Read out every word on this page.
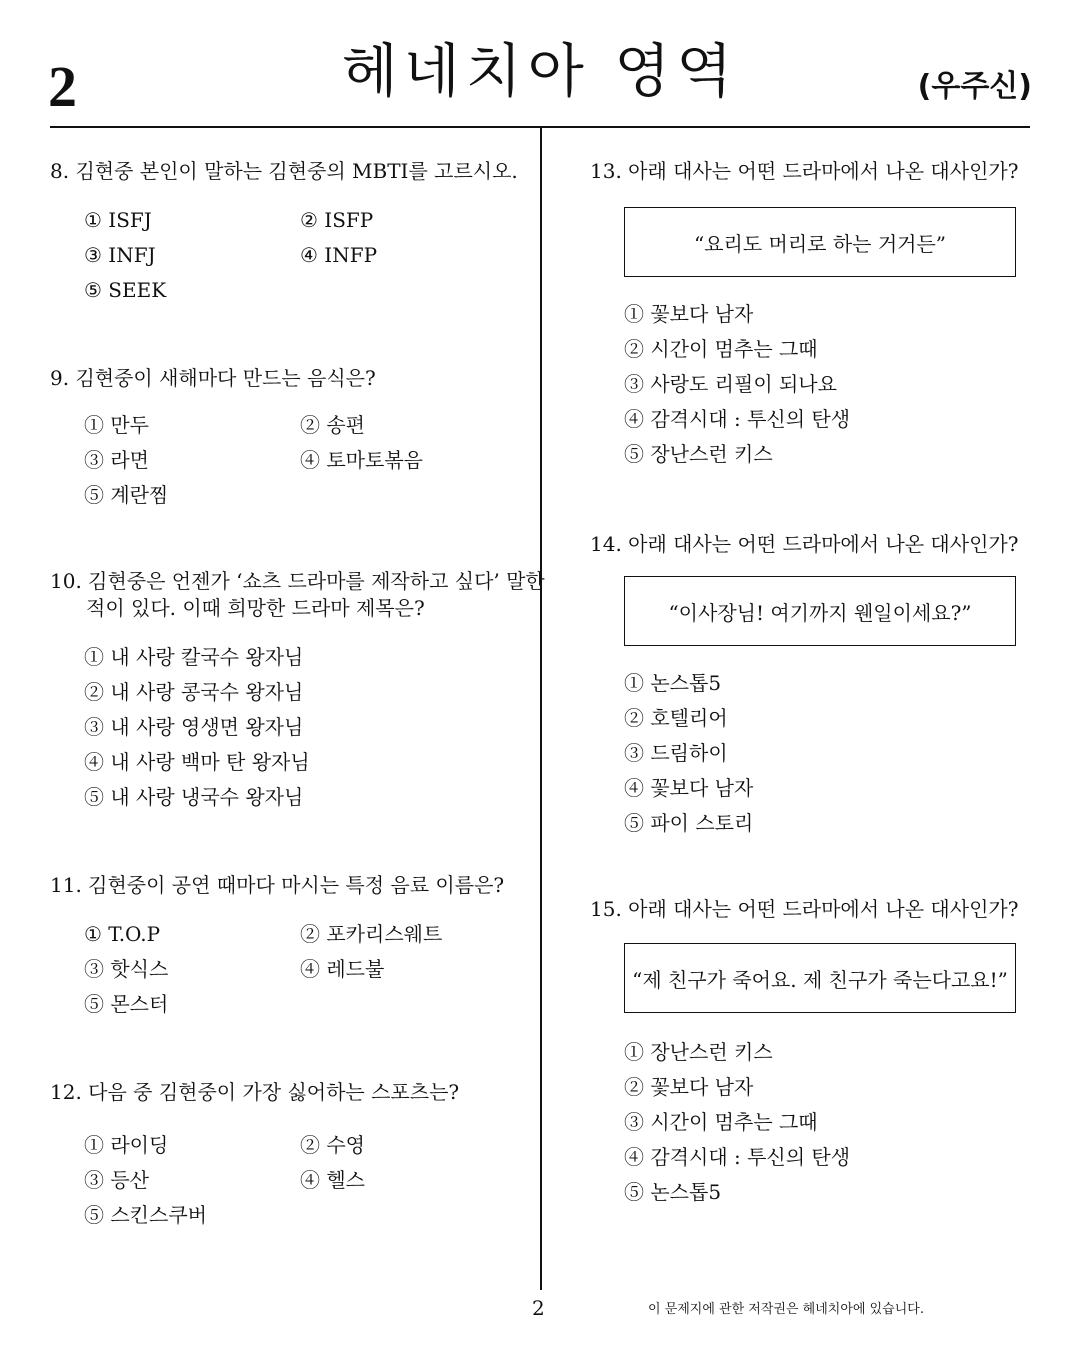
2	헤네치아 영역	(우주신)

8. 김현중 본인이 말하는 김현중의 MBTI를 고르시오.

① ISFJ	② ISFP
③ INFJ	④ INFP
⑤ SEEK

9. 김현중이 새해마다 만드는 음식은?

① 만두	② 송편
③ 라면	④ 토마토볶음
⑤ 계란찜

10. 김현중은 언젠가 ‘쇼츠 드라마를 제작하고 싶다’ 말한 적이 있다. 이때 희망한 드라마 제목은?

① 내 사랑 칼국수 왕자님
② 내 사랑 콩국수 왕자님
③ 내 사랑 영생면 왕자님
④ 내 사랑 백마 탄 왕자님
⑤ 내 사랑 냉국수 왕자님

11. 김현중이 공연 때마다 마시는 특정 음료 이름은?

① T.O.P	② 포카리스웨트
③ 핫식스	④ 레드불
⑤ 몬스터

12. 다음 중 김현중이 가장 싫어하는 스포츠는?

① 라이딩	② 수영
③ 등산	④ 헬스
⑤ 스킨스쿠버

13. 아래 대사는 어떤 드라마에서 나온 대사인가?

“요리도 머리로 하는 거거든”
① 꽃보다 남자
② 시간이 멈추는 그때
③ 사랑도 리필이 되나요
④ 감격시대 : 투신의 탄생
⑤ 장난스런 키스

14. 아래 대사는 어떤 드라마에서 나온 대사인가?

“이사장님! 여기까지 웬일이세요?”
① 논스톱5
② 호텔리어
③ 드림하이
④ 꽃보다 남자
⑤ 파이 스토리

15. 아래 대사는 어떤 드라마에서 나온 대사인가?

“제 친구가 죽어요. 제 친구가 죽는다고요!”
① 장난스런 키스
② 꽃보다 남자
③ 시간이 멈추는 그때
④ 감격시대 : 투신의 탄생
⑤ 논스톱5
2	이 문제지에 관한 저작권은 헤네치아에 있습니다.
